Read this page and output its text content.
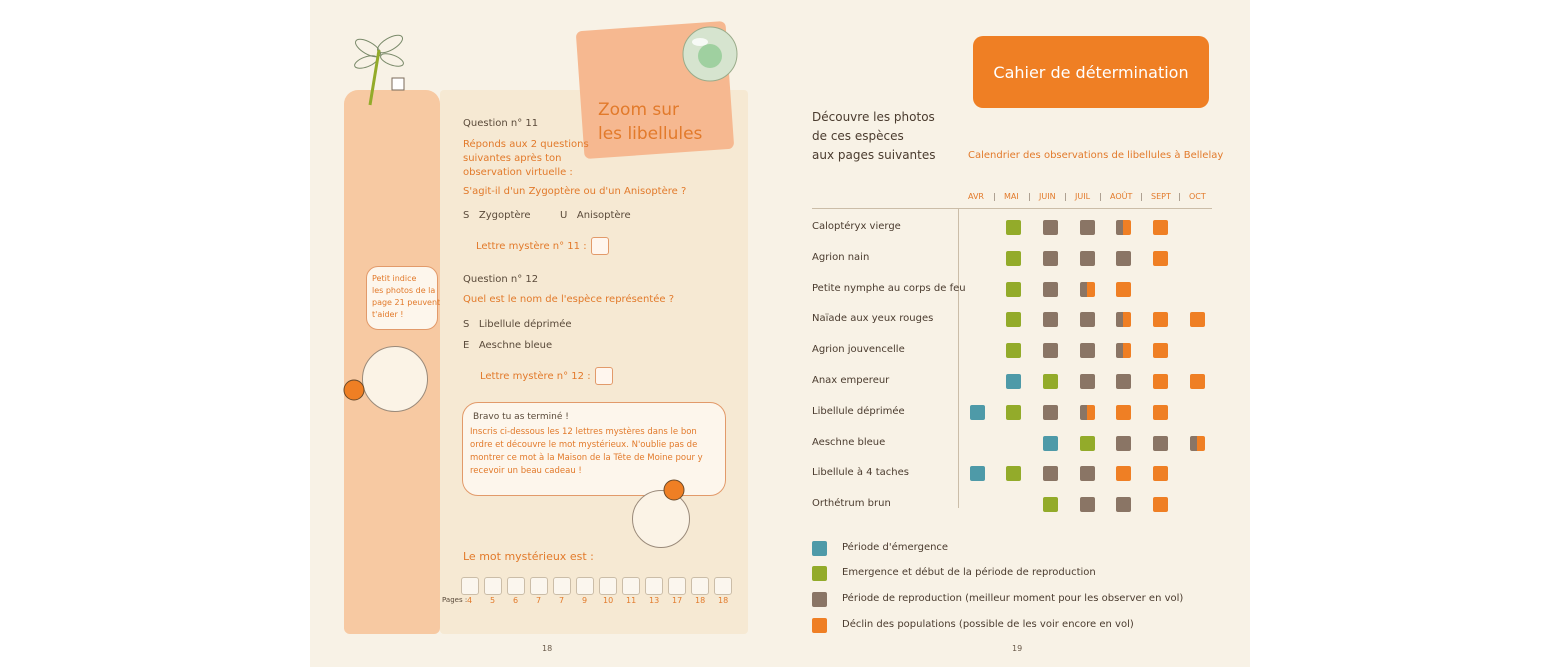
Zoom sur
les libellules
Question n° 11
Réponds aux 2 questions
suivantes après ton
observation virtuelle :
S'agit-il d'un Zygoptère ou d'un Anisoptère ?
S   Zygoptère	U   Anisoptère
Lettre mystère n° 11 :
Petit indice
les photos de la
page 21 peuvent
t'aider !
Question n° 12
Quel est le nom de l'espèce représentée ?
S   Libellule déprimée
E   Aeschne bleue
Lettre mystère n° 12 :
Bravo tu as terminé !
Inscris ci-dessous les 12 lettres mystères dans le bon
ordre et découvre le mot mystérieux. N'oublie pas de
montrer ce mot à la Maison de la Tête de Moine pour y
recevoir un beau cadeau !
Le mot mystérieux est :
Pages : 4 5 6 7 7 9 10 11 13 17 18 18
18
Cahier de détermination
Découvre les photos
de ces espèces
aux pages suivantes	Calendrier des observations de libellules à Bellelay
AVR | MAI | JUIN | JUIL | AOÛT | SEPT | OCT
Caloptéryx vierge
Agrion nain
Petite nymphe au corps de feu
Naïade aux yeux rouges
Agrion jouvencelle
Anax empereur
Libellule déprimée
Aeschne bleue
Libellule à 4 taches
Orthétrum brun
Période d'émergence
Emergence et début de la période de reproduction
Période de reproduction (meilleur moment pour les observer en vol)
Déclin des populations (possible de les voir encore en vol)
19
